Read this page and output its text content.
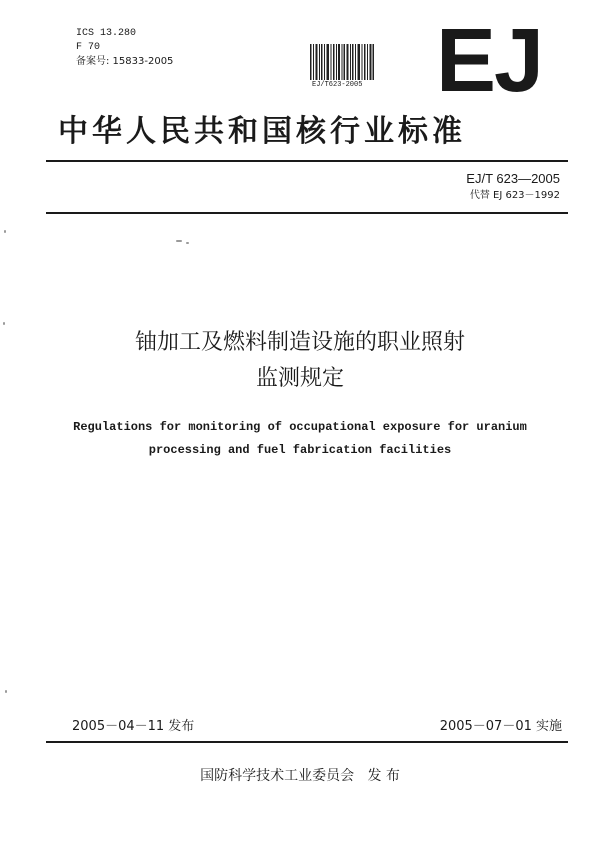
ICS 13.280
F 70
备案号: 15833-2005
EJ/T623-2005 EJ
中华人民共和国核行业标准
EJ/T 623—2005
代替 EJ 623－1992
铀加工及燃料制造设施的职业照射
监测规定
Regulations for monitoring of occupational exposure for uranium
processing and fuel fabrication facilities
2005－04－11 发布	2005－07－01 实施
国防科学技术工业委员会   发 布
